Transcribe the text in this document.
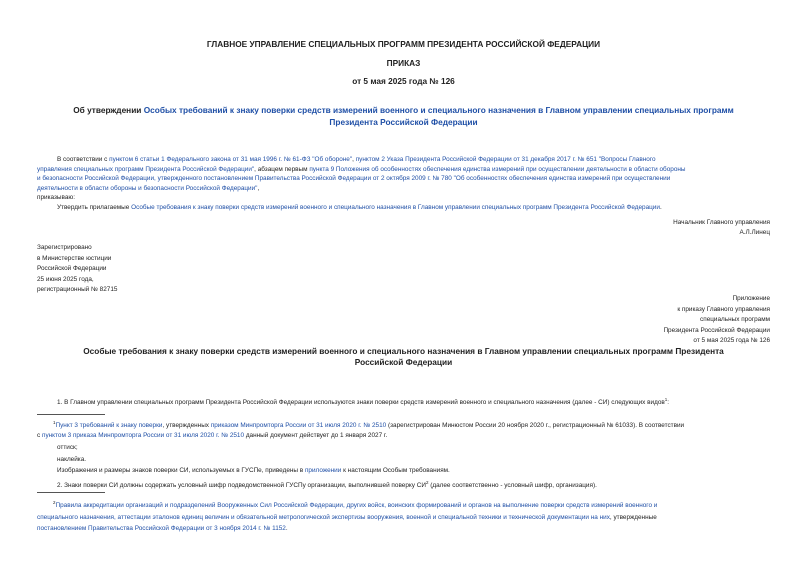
ГЛАВНОЕ УПРАВЛЕНИЕ СПЕЦИАЛЬНЫХ ПРОГРАММ ПРЕЗИДЕНТА РОССИЙСКОЙ ФЕДЕРАЦИИ
ПРИКАЗ
от 5 мая 2025 года № 126
Об утверждении Особых требований к знаку поверки средств измерений военного и специального назначения в Главном управлении специальных программ
Президента Российской Федерации
В соответствии с пунктом 6 статьи 1 Федерального закона от 31 мая 1996 г. № 61-ФЗ "Об обороне", пунктом 2 Указа Президента Российской Федерации от 31 декабря 2017 г. № 651 "Вопросы Главного
управления специальных программ Президента Российской Федерации", абзацем первым пункта 9 Положения об особенностях обеспечения единства измерений при осуществлении деятельности в области обороны
и безопасности Российской Федерации, утвержденного постановлением Правительства Российской Федерации от 2 октября 2009 г. № 780 "Об особенностях обеспечения единства измерений при осуществлении
деятельности в области обороны и безопасности Российской Федерации",
приказываю:
Утвердить прилагаемые Особые требования к знаку поверки средств измерений военного и специального назначения в Главном управлении специальных программ Президента Российской Федерации.
Начальник Главного управления
А.Л.Линец
Зарегистрировано
в Министерстве юстиции
Российской Федерации
25 июня 2025 года,
регистрационный № 82715
Приложение
к приказу Главного управления
специальных программ
Президента Российской Федерации
от 5 мая 2025 года № 126
Особые требования к знаку поверки средств измерений военного и специального назначения в Главном управлении специальных программ Президента
Российской Федерации
1. В Главном управлении специальных программ Президента Российской Федерации используются знаки поверки средств измерений военного и специального назначения (далее - СИ) следующих видов$^1$:
$^1$Пункт 3 требований к знаку поверки, утвержденных приказом Минпромторга России от 31 июля 2020 г. № 2510 (зарегистрирован Минюстом России 20 ноября 2020 г., регистрационный № 61033). В соответствии
с пунктом 3 приказа Минпромторга России от 31 июля 2020 г. № 2510 данный документ действует до 1 января 2027 г.
оттиск;
наклейка.
Изображения и размеры знаков поверки СИ, используемых в ГУСПе, приведены в приложении к настоящим Особым требованиям.
2. Знаки поверки СИ должны содержать условный шифр подведомственной ГУСПу организации, выполнившей поверку $СИ^2$ (далее соответственно - условный шифр, организация).
$^2$Правила аккредитации организаций и подразделений Вооруженных Сил Российской Федерации, других войск, воинских формирований и органов на выполнение поверки средств измерений военного и
специального назначения, аттестации эталонов единиц величин и обязательной метрологической экспертизы вооружения, военной и специальной техники и технической документации на них, утвержденные
постановлением Правительства Российской Федерации от 3 ноября 2014 г. № 1152.
